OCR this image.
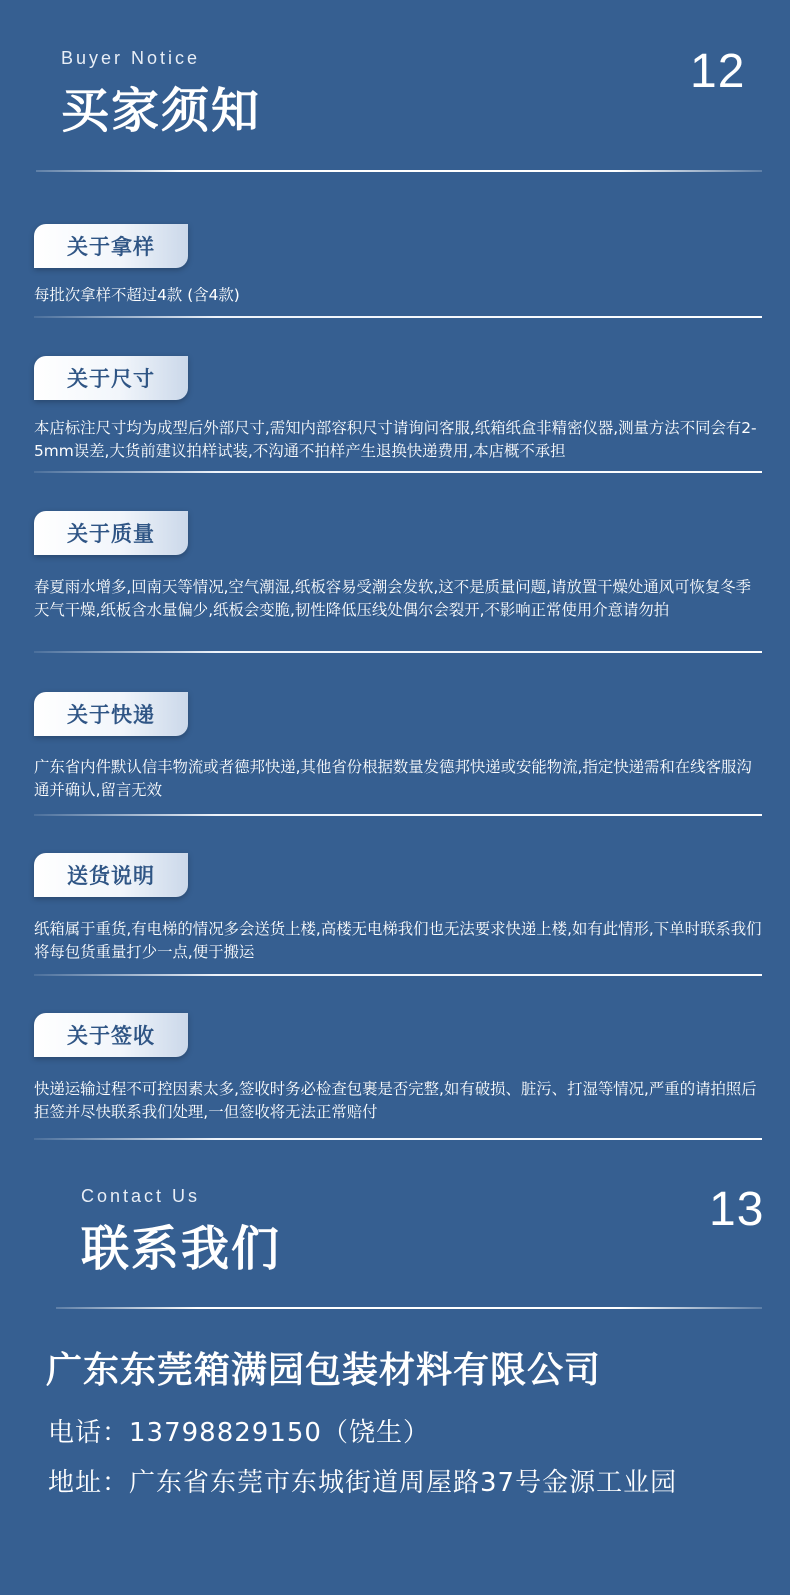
Buyer Notice
买家须知
12
关于拿样
每批次拿样不超过4款 (含4款)
关于尺寸
本店标注尺寸均为成型后外部尺寸,需知内部容积尺寸请询问客服,纸箱纸盒非精密仪器,测量方法不同会有2-5mm误差,大货前建议拍样试装,不沟通不拍样产生退换快递费用,本店概不承担
关于质量
春夏雨水增多,回南天等情况,空气潮湿,纸板容易受潮会发软,这不是质量问题,请放置干燥处通风可恢复冬季天气干燥,纸板含水量偏少,纸板会变脆,韧性降低压线处偶尔会裂开,不影响正常使用介意请勿拍
关于快递
广东省内件默认信丰物流或者德邦快递,其他省份根据数量发德邦快递或安能物流,指定快递需和在线客服沟通并确认,留言无效
送货说明
纸箱属于重货,有电梯的情况多会送货上楼,高楼无电梯我们也无法要求快递上楼,如有此情形,下单时联系我们将每包货重量打少一点,便于搬运
关于签收
快递运输过程不可控因素太多,签收时务必检查包裹是否完整,如有破损、脏污、打湿等情况,严重的请拍照后拒签并尽快联系我们处理,一但签收将无法正常赔付
Contact Us
联系我们
13
广东东莞箱满园包装材料有限公司
电话：13798829150（饶生）
地址：广东省东莞市东城街道周屋路37号金源工业园
